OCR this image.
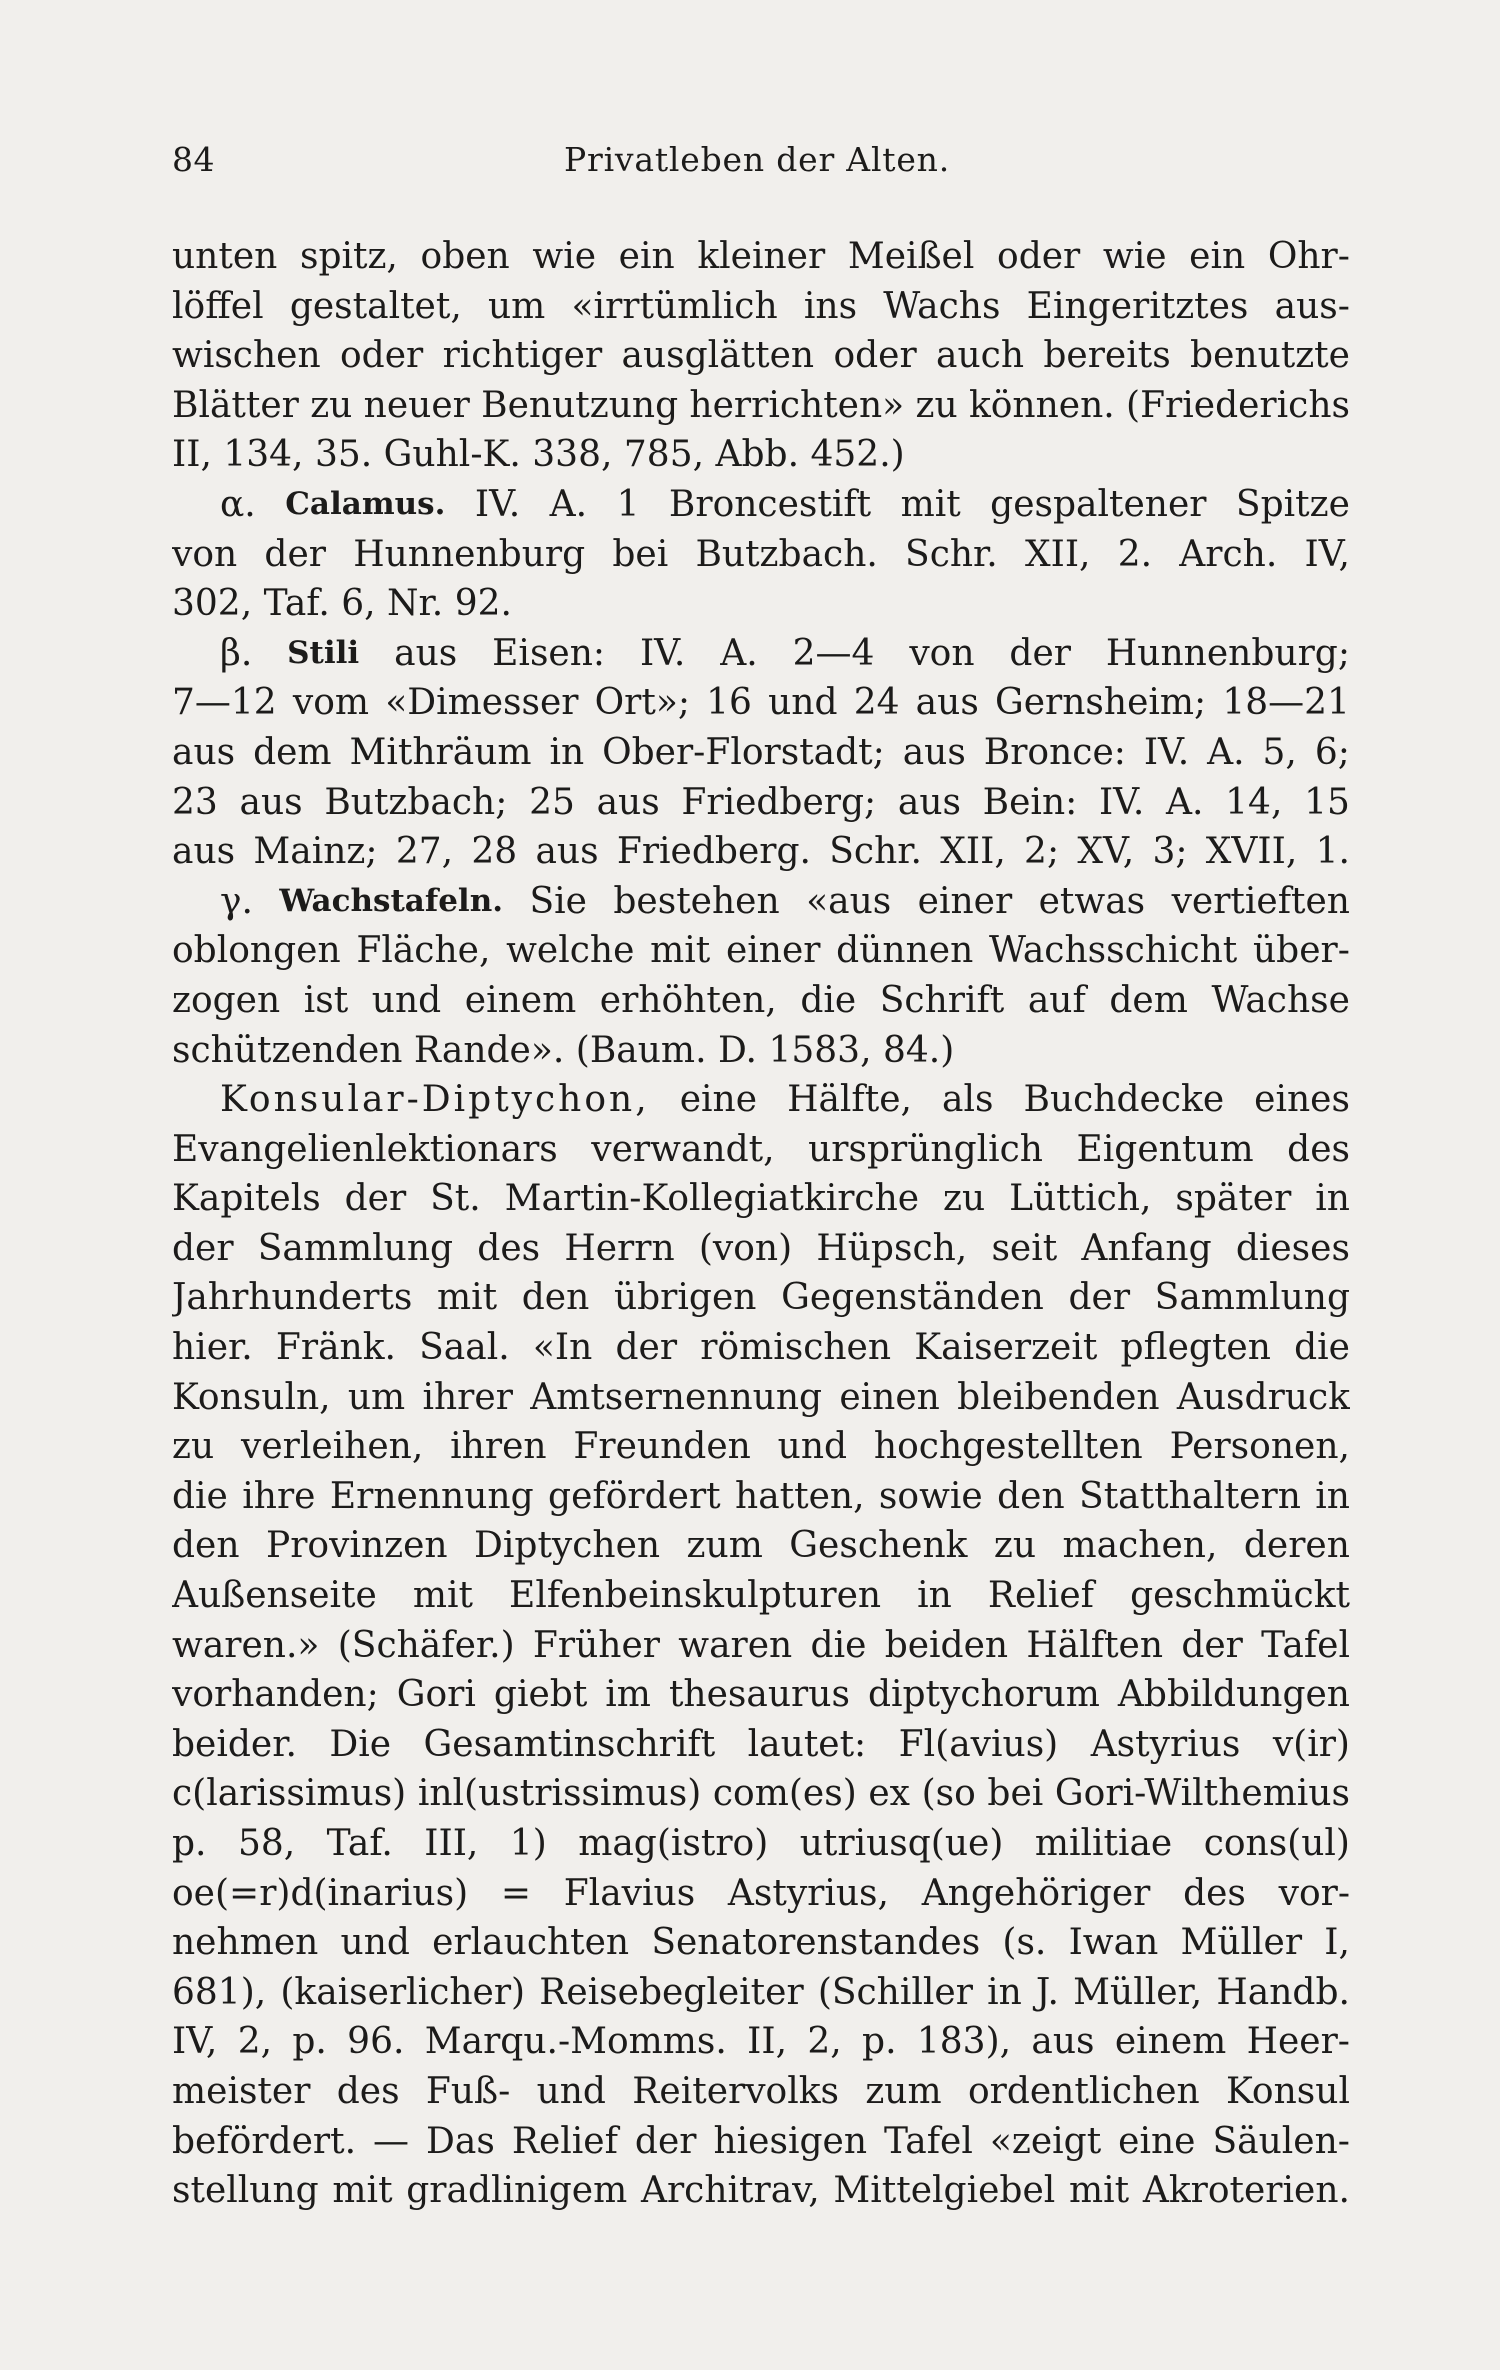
84	Privatleben der Alten.
unten spitz, oben wie ein kleiner Meißel oder wie ein Ohr-
löffel gestaltet, um «irrtümlich ins Wachs Eingeritztes aus-
wischen oder richtiger ausglätten oder auch bereits benutzte
Blätter zu neuer Benutzung herrichten» zu können. (Friederichs
II,
134,
35.
Guhl-K.
338,
785,
Abb.
452.)
α. Calamus. IV. A. 1 Broncestift mit gespaltener Spitze
von der Hunnenburg bei Butzbach. Schr. XII, 2. Arch. IV,
302,
Taf.
6,
Nr.
92.
β. Stili aus Eisen: IV. A. 2—4 von der Hunnenburg;
7—12 vom «Dimesser Ort»; 16 und 24 aus Gernsheim; 18—21
aus dem Mithräum in Ober-Florstadt; aus Bronce: IV. A. 5, 6;
23 aus Butzbach; 25 aus Friedberg; aus Bein: IV. A. 14, 15
aus Mainz; 27, 28 aus Friedberg. Schr. XII, 2; XV, 3; XVII, 1.
γ. Wachstafeln. Sie bestehen «aus einer etwas vertieften
oblongen Fläche, welche mit einer dünnen Wachsschicht über-
zogen ist und einem erhöhten, die Schrift auf dem Wachse
schützenden
Rande».
(Baum.
D.
1583,
84.)
Konsular-Diptychon, eine Hälfte, als Buchdecke eines
Evangelienlektionars verwandt, ursprünglich Eigentum des
Kapitels der St. Martin-Kollegiatkirche zu Lüttich, später in
der Sammlung des Herrn (von) Hüpsch, seit Anfang dieses
Jahrhunderts mit den übrigen Gegenständen der Sammlung
hier. Fränk. Saal. «In der römischen Kaiserzeit pflegten die
Konsuln, um ihrer Amtsernennung einen bleibenden Ausdruck
zu verleihen, ihren Freunden und hochgestellten Personen,
die ihre Ernennung gefördert hatten, sowie den Statthaltern in
den Provinzen Diptychen zum Geschenk zu machen, deren
Außenseite mit Elfenbeinskulpturen in Relief geschmückt
waren.» (Schäfer.) Früher waren die beiden Hälften der Tafel
vorhanden; Gori giebt im thesaurus diptychorum Abbildungen
beider. Die Gesamtinschrift lautet: Fl(avius) Astyrius v(ir)
c(larissimus) inl(ustrissimus) com(es) ex (so bei Gori-Wilthemius
p. 58, Taf. III, 1) mag(istro) utriusq(ue) militiae cons(ul)
oe(=r)d(inarius) = Flavius Astyrius, Angehöriger des vor-
nehmen und erlauchten Senatorenstandes (s. Iwan Müller I,
681), (kaiserlicher) Reisebegleiter (Schiller in J. Müller, Handb.
IV, 2, p. 96. Marqu.-Momms. II, 2, p. 183), aus einem Heer-
meister des Fuß- und Reitervolks zum ordentlichen Konsul
befördert. — Das Relief der hiesigen Tafel «zeigt eine Säulen-
stellung mit gradlinigem Architrav, Mittelgiebel mit Akroterien.
